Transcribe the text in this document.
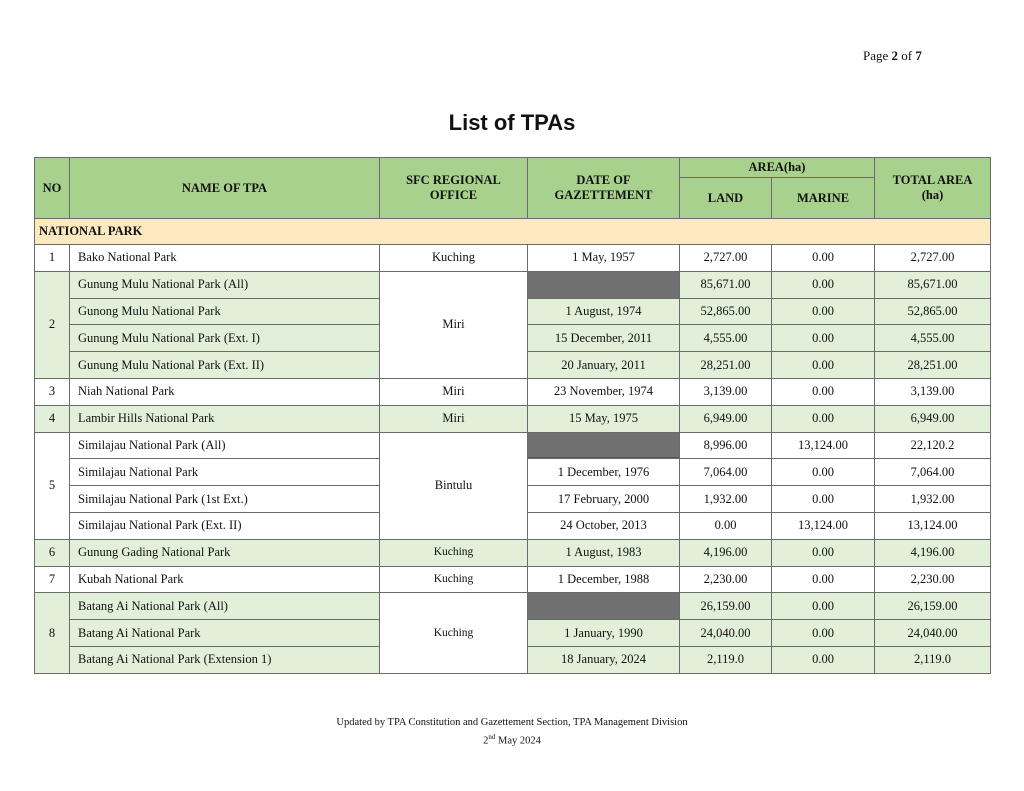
Page 2 of 7
List of TPAs
NO	NAME OF TPA	SFC REGIONAL OFFICE	DATE OF GAZETTEMENT	AREA(ha)		TOTAL AREA (ha)

				LAND	MARINE	
NATIONAL PARK						
1	Bako National Park	Kuching	1 May, 1957	2,727.00	0.00	2,727.00
2	Gunung Mulu National Park (All)	Miri		85,671.00	0.00	85,671.00
	Gunong Mulu National Park		1 August, 1974	52,865.00	0.00	52,865.00
	Gunung Mulu National Park (Ext. I)		15 December, 2011	4,555.00	0.00	4,555.00
	Gunung Mulu National Park (Ext. II)		20 January, 2011	28,251.00	0.00	28,251.00
3	Niah National Park	Miri	23 November, 1974	3,139.00	0.00	3,139.00
4	Lambir Hills National Park	Miri	15 May, 1975	6,949.00	0.00	6,949.00
5	Similajau National Park (All)	Bintulu		8,996.00	13,124.00	22,120.2
	Similajau National Park		1 December, 1976	7,064.00	0.00	7,064.00
	Similajau National Park (1st Ext.)		17 February, 2000	1,932.00	0.00	1,932.00
	Similajau National Park (Ext. II)		24 October, 2013	0.00	13,124.00	13,124.00
6	Gunung Gading National Park	Kuching	1 August, 1983	4,196.00	0.00	4,196.00
7	Kubah National Park	Kuching	1 December, 1988	2,230.00	0.00	2,230.00
8	Batang Ai National Park (All)	Kuching		26,159.00	0.00	26,159.00
	Batang Ai National Park		1 January, 1990	24,040.00	0.00	24,040.00
	Batang Ai National Park (Extension 1)		18 January, 2024	2,119.0	0.00	2,119.0
Updated by TPA Constitution and Gazettement Section, TPA Management Division
2nd May 2024
